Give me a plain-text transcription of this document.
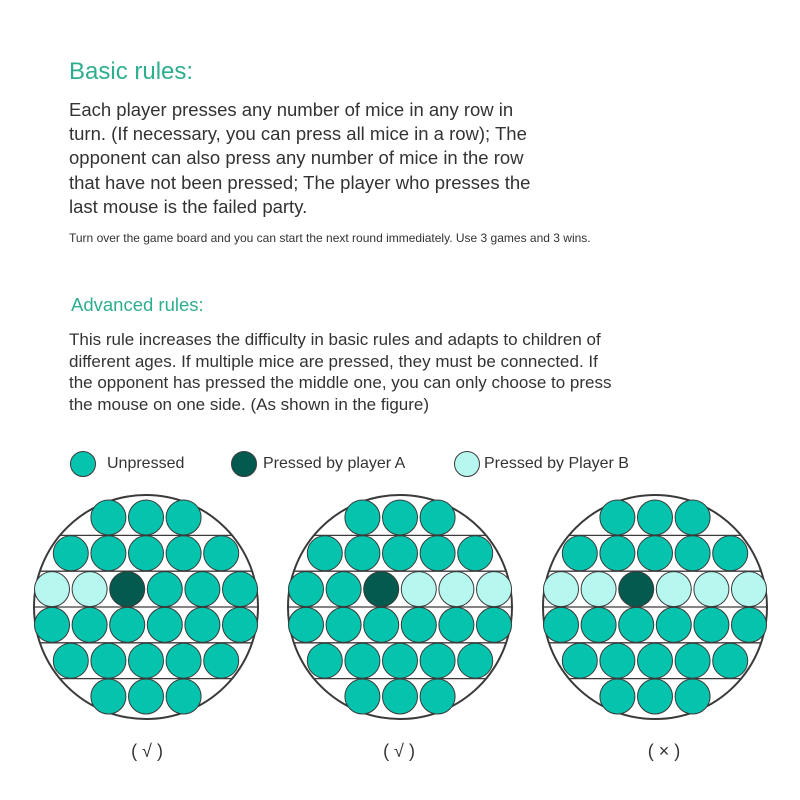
Basic rules:
Each player presses any number of mice in any row in
turn. (If necessary, you can press all mice in a row); The
opponent can also press any number of mice in the row
that have not been pressed; The player who presses the
last mouse is the failed party.
Turn over the game board and you can start the next round immediately. Use 3 games and 3 wins.
Advanced rules:
This rule increases the difficulty in basic rules and adapts to children of
different ages. If multiple mice are pressed, they must be connected. If
the opponent has pressed the middle one, you can only choose to press
the mouse on one side. (As shown in the figure)
Unpressed	Pressed by player A	Pressed by Player B
( √ )	( √ )	( × )
